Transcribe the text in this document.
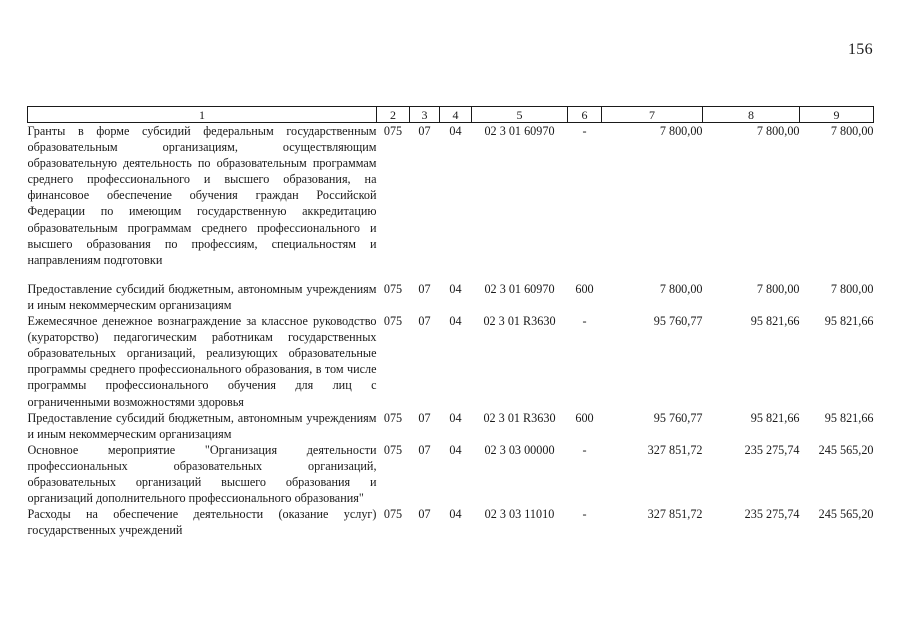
156
1	2	3	4	5	6	7	8	9
Гранты в форме субсидий федеральным государственным образовательным организациям, осуществляющим образовательную деятельность по образовательным программам среднего профессионального и высшего образования, на финансовое обеспечение обучения граждан Российской Федерации по имеющим государственную аккредитацию образовательным программам среднего профессионального и высшего образования по профессиям, специальностям и направлениям подготовки	075	07	04	02 3 01 60970	-	7 800,00	7 800,00	7 800,00
Предоставление субсидий бюджетным, автономным учреждениям и иным некоммерческим организациям	075	07	04	02 3 01 60970	600	7 800,00	7 800,00	7 800,00
Ежемесячное денежное вознаграждение за классное руководство (кураторство) педагогическим работникам государственных образовательных организаций, реализующих образовательные программы среднего профессионального образования, в том числе программы профессионального обучения для лиц с ограниченными возможностями здоровья	075	07	04	02 3 01 R3630	-	95 760,77	95 821,66	95 821,66
Предоставление субсидий бюджетным, автономным учреждениям и иным некоммерческим организациям	075	07	04	02 3 01 R3630	600	95 760,77	95 821,66	95 821,66
Основное мероприятие "Организация деятельности профессиональных образовательных организаций, образовательных организаций высшего образования и организаций дополнительного профессионального образования"	075	07	04	02 3 03 00000	-	327 851,72	235 275,74	245 565,20
Расходы на обеспечение деятельности (оказание услуг) государственных учреждений	075	07	04	02 3 03 11010	-	327 851,72	235 275,74	245 565,20
